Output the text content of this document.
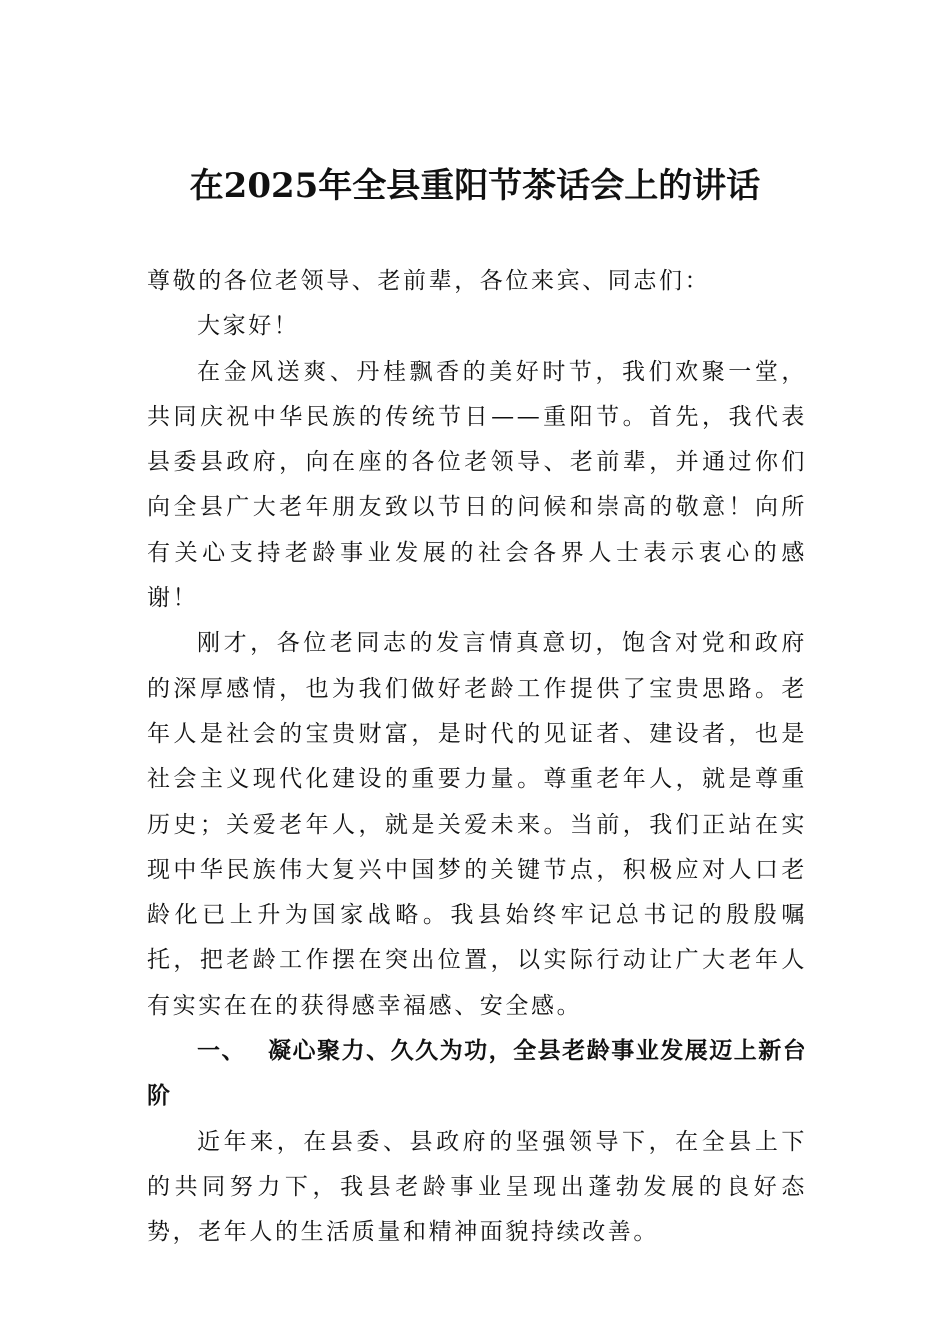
在2025年全县重阳节茶话会上的讲话

尊敬的各位老领导、老前辈，各位来宾、同志们：

大家好！

在金风送爽、丹桂飘香的美好时节，我们欢聚一堂，共同庆祝中华民族的传统节日——重阳节。首先，我代表县委县政府，向在座的各位老领导、老前辈，并通过你们向全县广大老年朋友致以节日的问候和崇高的敬意！向所有关心支持老龄事业发展的社会各界人士表示衷心的感谢！

刚才，各位老同志的发言情真意切，饱含对党和政府的深厚感情，也为我们做好老龄工作提供了宝贵思路。老年人是社会的宝贵财富，是时代的见证者、建设者，也是社会主义现代化建设的重要力量。尊重老年人，就是尊重历史；关爱老年人，就是关爱未来。当前，我们正站在实现中华民族伟大复兴中国梦的关键节点，积极应对人口老龄化已上升为国家战略。我县始终牢记总书记的殷殷嘱托，把老龄工作摆在突出位置，以实际行动让广大老年人有实实在在的获得感幸福感、安全感。

一、 凝心聚力、久久为功，全县老龄事业发展迈上新台阶

近年来，在县委、县政府的坚强领导下，在全县上下的共同努力下，我县老龄事业呈现出蓬勃发展的良好态势，老年人的生活质量和精神面貌持续改善。
